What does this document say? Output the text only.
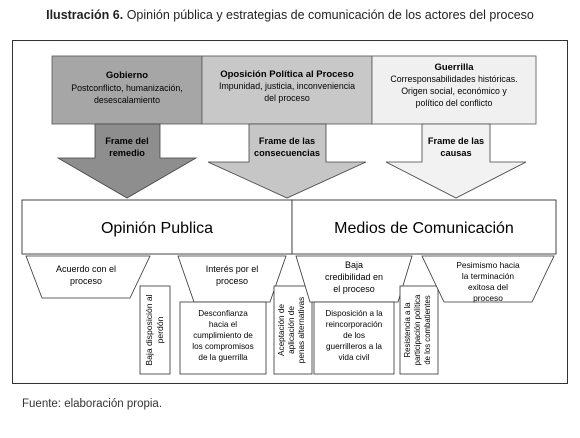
Ilustración 6. Opinión pública y estrategias de comunicación de los actores del proceso
Gobierno
Postconflicto, humanización,
desescalamiento
Oposición Política al Proceso
Impunidad, justicia, inconveniencia
del proceso
Guerrilla
Corresponsabilidades históricas.
Origen social, económico y
político del conflicto
Frame del
remedio
Frame de las
consecuencias
Frame de las
causas
Opinión Publica	Medios de Comunicación
Acuerdo con el
proceso
Baja disposición al perdón
Interés por el
proceso
Desconfianza
hacia el
cumplimiento de
los compromisos
de la guerrilla
Aceptación de aplicación de penas alternativas
Baja
credibilidad en
el proceso
Disposición a la
reincorporación
de los
guerrilleros a la
vida civil	Resistencia a la participación política de los combatientes
Pesimismo hacia
la terminación
exitosa del
proceso
Fuente: elaboración propia.
